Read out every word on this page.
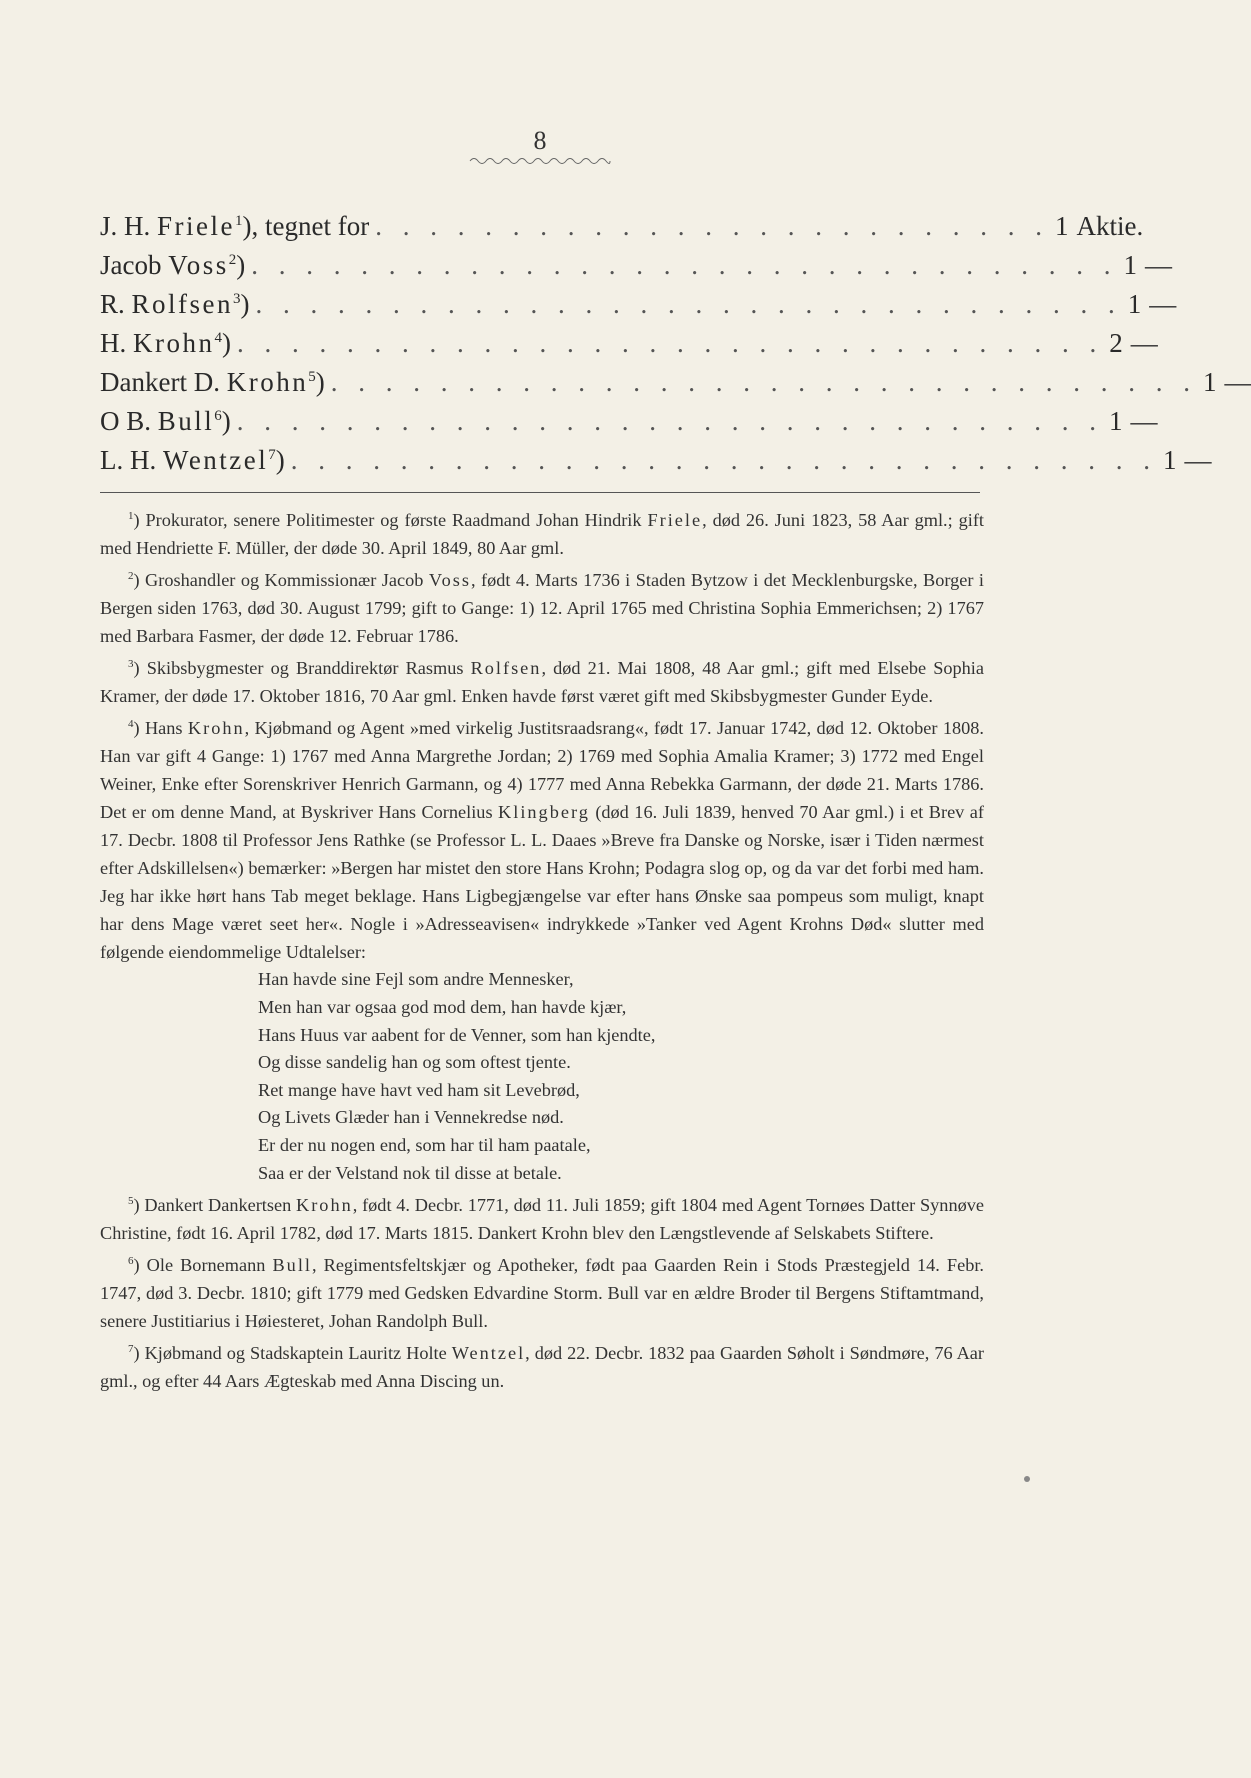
8
J. H. Friele$^1$), tegnet for . . . . . . . . . . . . . . . . . . . . . . . . . 1 Aktie.
Jacob Voss$^2$) . . . . . . . . . . . . . . . . . . . . . . . . . . . . . . . . 1 —
R. Rolfsen$^3$) . . . . . . . . . . . . . . . . . . . . . . . . . . . . . . . . 1 —
H. Krohn$^4$) . . . . . . . . . . . . . . . . . . . . . . . . . . . . . . . . 2 —
Dankert D. Krohn$^5$) . . . . . . . . . . . . . . . . . . . . . . . . . . . . . . . . 1 —
O B. Bull$^6$) . . . . . . . . . . . . . . . . . . . . . . . . . . . . . . . . 1 —
L. H. Wentzel$^7$) . . . . . . . . . . . . . . . . . . . . . . . . . . . . . . . . 1 —

$^1$) Prokurator, senere Politimester og første Raadmand Johan Hindrik Friele, død 26. Juni 1823, 58 Aar gml.; gift med Hendriette F. Müller, der døde 30. April 1849, 80 Aar gml.

$^2$) Groshandler og Kommissionær Jacob Voss, født 4. Marts 1736 i Staden Bytzow i det Mecklenburgske, Borger i Bergen siden 1763, død 30. August 1799; gift to Gange: 1) 12. April 1765 med Christina Sophia Emmerichsen; 2) 1767 med Barbara Fasmer, der døde 12. Februar 1786.

$^3$) Skibsbygmester og Branddirektør Rasmus Rolfsen, død 21. Mai 1808, 48 Aar gml.; gift med Elsebe Sophia Kramer, der døde 17. Oktober 1816, 70 Aar gml. Enken havde først været gift med Skibsbygmester Gunder Eyde.

$^4$) Hans Krohn, Kjøbmand og Agent »med virkelig Justitsraadsrang«, født 17. Januar 1742, død 12. Oktober 1808. Han var gift 4 Gange: 1) 1767 med Anna Margrethe Jordan; 2) 1769 med Sophia Amalia Kramer; 3) 1772 med Engel Weiner, Enke efter Sorenskriver Henrich Garmann, og 4) 1777 med Anna Rebekka Garmann, der døde 21. Marts 1786. Det er om denne Mand, at Byskriver Hans Cornelius Klingberg (død 16. Juli 1839, henved 70 Aar gml.) i et Brev af 17. Decbr. 1808 til Professor Jens Rathke (se Professor L. L. Daaes »Breve fra Danske og Norske, især i Tiden nærmest efter Adskillelsen«) bemærker: »Bergen har mistet den store Hans Krohn; Podagra slog op, og da var det forbi med ham. Jeg har ikke hørt hans Tab meget beklage. Hans Ligbegjængelse var efter hans Ønske saa pompeus som muligt, knapt har dens Mage været seet her«. Nogle i »Adresseavisen« indrykkede »Tanker ved Agent Krohns Død« slutter med følgende eiendommelige Udtalelser:

Han havde sine Fejl som andre Mennesker,
Men han var ogsaa god mod dem, han havde kjær,
Hans Huus var aabent for de Venner, som han kjendte,
Og disse sandelig han og som oftest tjente.
Ret mange have havt ved ham sit Levebrød,
Og Livets Glæder han i Vennekredse nød.
Er der nu nogen end, som har til ham paatale,
Saa er der Velstand nok til disse at betale.

$^5$) Dankert Dankertsen Krohn, født 4. Decbr. 1771, død 11. Juli 1859; gift 1804 med Agent Tornøes Datter Synnøve Christine, født 16. April 1782, død 17. Marts 1815. Dankert Krohn blev den Længstlevende af Selskabets Stiftere.

$^6$) Ole Bornemann Bull, Regimentsfeltskjær og Apotheker, født paa Gaarden Rein i Stods Præstegjeld 14. Febr. 1747, død 3. Decbr. 1810; gift 1779 med Gedsken Edvardine Storm. Bull var en ældre Broder til Bergens Stiftamtmand, senere Justitiarius i Høiesteret, Johan Randolph Bull.

$^7$) Kjøbmand og Stadskaptein Lauritz Holte Wentzel, død 22. Decbr. 1832 paa Gaarden Søholt i Søndmøre, 76 Aar gml., og efter 44 Aars Ægteskab med Anna Discing un.
